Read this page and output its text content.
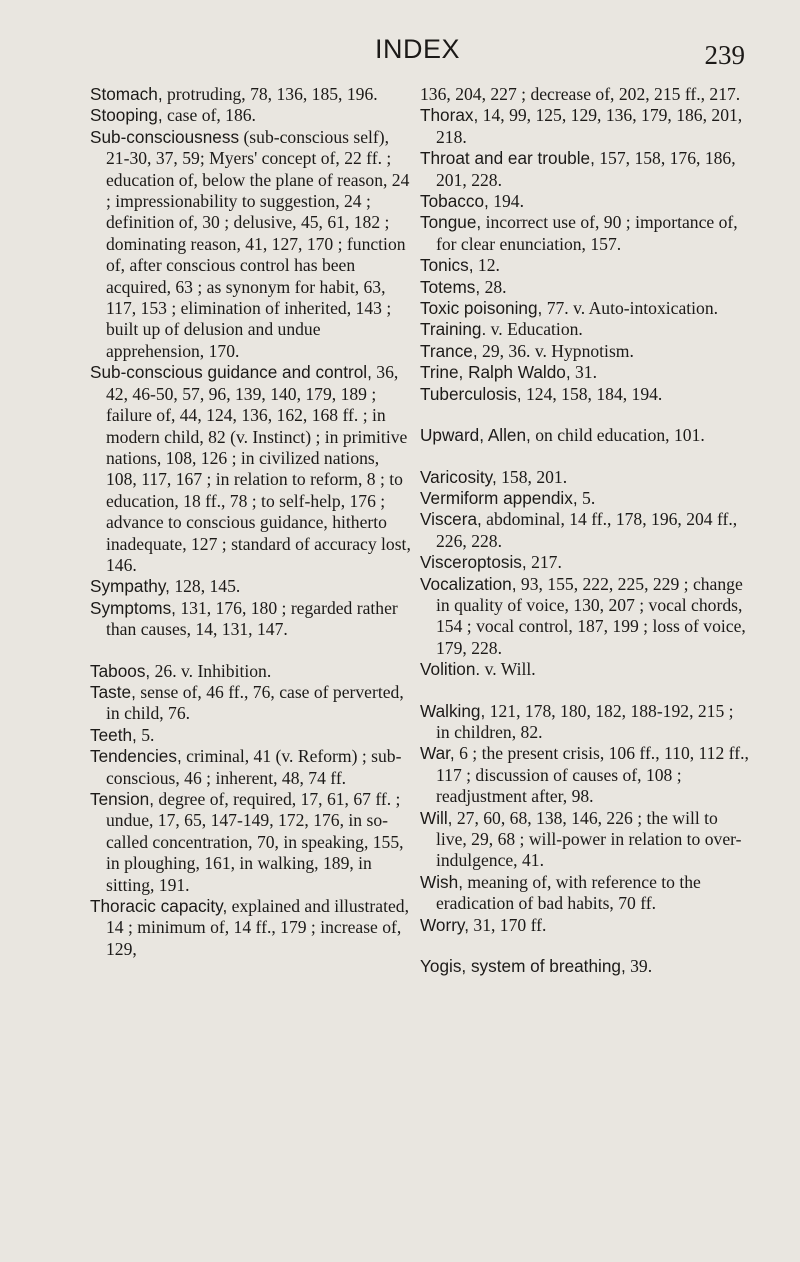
INDEX	239

Stomach, protruding, 78, 136, 185, 196.

Stooping, case of, 186.

Sub-consciousness (sub-conscious self), 21-30, 37, 59; Myers' concept of, 22 ff. ; education of, below the plane of reason, 24 ; impressionability to suggestion, 24 ; definition of, 30 ; delusive, 45, 61, 182 ; dominating reason, 41, 127, 170 ; function of, after conscious control has been acquired, 63 ; as synonym for habit, 63, 117, 153 ; elimination of inherited, 143 ; built up of delusion and undue apprehension, 170.

Sub-conscious guidance and control, 36, 42, 46-50, 57, 96, 139, 140, 179, 189 ; failure of, 44, 124, 136, 162, 168 ff. ; in modern child, 82 (v. Instinct) ; in primitive nations, 108, 126 ; in civilized nations, 108, 117, 167 ; in relation to reform, 8 ; to education, 18 ff., 78 ; to self-help, 176 ; advance to conscious guidance, hitherto inadequate, 127 ; standard of accuracy lost, 146.

Sympathy, 128, 145.

Symptoms, 131, 176, 180 ; regarded rather than causes, 14, 131, 147.

Taboos, 26. v. Inhibition.

Taste, sense of, 46 ff., 76, case of perverted, in child, 76.

Teeth, 5.

Tendencies, criminal, 41 (v. Reform) ; sub-conscious, 46 ; inherent, 48, 74 ff.

Tension, degree of, required, 17, 61, 67 ff. ; undue, 17, 65, 147-149, 172, 176, in so-called concentration, 70, in speaking, 155, in ploughing, 161, in walking, 189, in sitting, 191.

Thoracic capacity, explained and illustrated, 14 ; minimum of, 14 ff., 179 ; increase of, 129,

136, 204, 227 ; decrease of, 202, 215 ff., 217.

Thorax, 14, 99, 125, 129, 136, 179, 186, 201, 218.

Throat and ear trouble, 157, 158, 176, 186, 201, 228.

Tobacco, 194.

Tongue, incorrect use of, 90 ; importance of, for clear enunciation, 157.

Tonics, 12.

Totems, 28.

Toxic poisoning, 77. v. Auto-intoxication.

Training. v. Education.

Trance, 29, 36. v. Hypnotism.

Trine, Ralph Waldo, 31.

Tuberculosis, 124, 158, 184, 194.

Upward, Allen, on child education, 101.

Varicosity, 158, 201.

Vermiform appendix, 5.

Viscera, abdominal, 14 ff., 178, 196, 204 ff., 226, 228.

Visceroptosis, 217.

Vocalization, 93, 155, 222, 225, 229 ; change in quality of voice, 130, 207 ; vocal chords, 154 ; vocal control, 187, 199 ; loss of voice, 179, 228.

Volition. v. Will.

Walking, 121, 178, 180, 182, 188-192, 215 ; in children, 82.

War, 6 ; the present crisis, 106 ff., 110, 112 ff., 117 ; discussion of causes of, 108 ; readjustment after, 98.

Will, 27, 60, 68, 138, 146, 226 ; the will to live, 29, 68 ; will-power in relation to over-indulgence, 41.

Wish, meaning of, with reference to the eradication of bad habits, 70 ff.

Worry, 31, 170 ff.

Yogis, system of breathing, 39.
